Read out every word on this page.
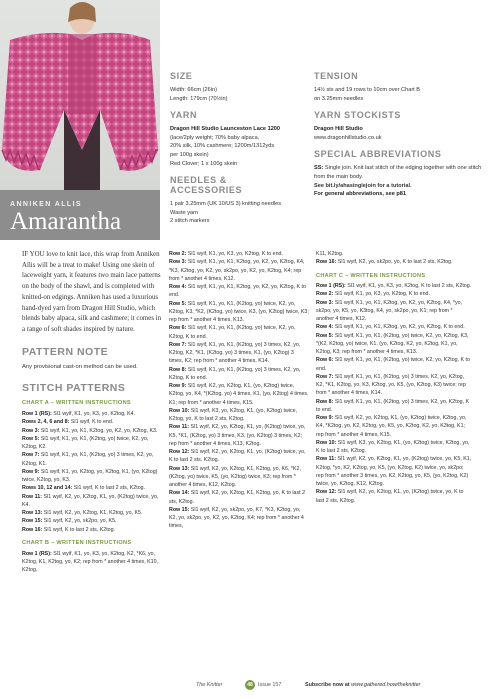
ANNIKEN ALLIS
Amarantha
SIZE
Width: 66cm (26in)
Length: 179cm (70½in)
YARN
Dragon Hill Studio Launceston Lace 1200
(lace/2ply weight; 70% baby alpaca,
20% silk, 10% cashmere; 1200m/1312yds
per 100g skein)
Red Clover; 1 x 100g skein
NEEDLES & ACCESSORIES
1 pair 3.25mm (UK 10/US 3) knitting needles
Waste yarn
2 stitch markers
TENSION
14½ sts and 19 rows to 10cm over Chart B
on 3.25mm needles
YARN STOCKISTS
Dragon Hill Studio
www.dragonhillstudio.co.uk
SPECIAL ABBREVIATIONS
SS: Single join. Knit last stitch of the edging together with one stitch from the main body.
See bit.ly/ahasinglejoin for a tutorial.
For general abbreviations, see p81
IF YOU love to knit lace, this wrap from Anniken Allis will be a treat to make! Using one skein of laceweight yarn, it features two main lace patterns on the body of the shawl, and is completed with knitted-on edgings. Anniken has used a luxurious hand-dyed yarn from Dragon Hill Studio, which blends baby alpaca, silk and cashmere; it comes in a range of soft shades inspired by nature.
PATTERN NOTE
Any provisional cast-on method can be used.
STITCH PATTERNS
CHART A – WRITTEN INSTRUCTIONS
Row 1 (RS): Sl1 wyif, K1, yo, K3, yo, K2tog, K4.
Rows 2, 4, 6 and 8: Sl1 wyif, K to end.
Row 3: Sl1 wyif, K1, yo, K1, K2tog, yo, K2, yo, K2tog, K3.
Row 5: Sl1 wyif, K1, yo, K1, (K2tog, yo) twice, K2, yo, K2tog, K2.
Row 7: Sl1 wyif, K1, yo, K1, (K2tog, yo) 3 times, K2, yo, K2tog, K1.
Row 9: Sl1 wyif, K1, yo, K2tog, yo, K2tog, K1, (yo, K2tog) twice, K2tog, yo, K3.
Rows 10, 12 and 14: Sl1 wyif, K to last 2 sts, K2tog.
Row 11: Sl1 wyif, K2, yo, K2tog, K1, yo, (K2tog) twice, yo, K4.
Row 13: Sl1 wyif, K2, yo, K2tog, K1, K2tog, yo, K5.
Row 15: Sl1 wyif, K2, yo, sk2po, yo, K5.
Row 16: Sl1 wyif, K to last 2 sts, K2tog.
CHART B – WRITTEN INSTRUCTIONS
Row 1 (RS): Sl1 wyif, K1, yo, K3, yo, K2tog, K2, *K6, yo, K2tog, K1, K2tog, yo, K2; rep from * another 4 times, K10, K2tog,
Row 2: Sl1 wyif, K1, yo, K3, yo, K2tog, K to end.
Row 3: Sl1 wyif, K1, yo, K1, K2tog, yo, K2, yo, K2tog, K4, *K3, K2tog, yo, K2, yo, sk2po, yo, K2, yo, K2tog, K4; rep from * another 4 times, K12.
Row 4: Sl1 wyif, K1, yo, K1, K2tog, yo, K2, yo, K2tog, K to end.
Row 5: Sl1 wyif, K1, yo, K1, (K2tog, yo) twice, K2, yo, K2tog, K3, *K2, (K2tog, yo) twice, K3, (yo, K2tog) twice, K3; rep from * another 4 times, K13.
Row 6: Sl1 wyif, K1, yo, K1, (K2tog, yo) twice, K2, yo, K2tog, K to end.
Row 7: Sl1 wyif, K1, yo, K1, (K2tog, yo) 3 times, K2, yo, K2tog, K2, *K1, (K2tog, yo) 3 times, K1, (yo, K2tog) 3 times, K2; rep from * another 4 times, K14.
Row 8: Sl1 wyif, K1, yo, K1, (K2tog, yo) 3 times, K2, yo, K2tog, K to end.
Row 9: Sl1 wyif, K2, yo, K2tog, K1, (yo, K2tog) twice, K2tog, yo, K4, *(K2tog, yo) 4 times, K1, (yo, K2tog) 4 times, K1; rep from * another 4 times, K15.
Row 10: Sl1 wyif, K3, yo, K2tog, K1, (yo, K2tog) twice, K2tog, yo, K to last 2 sts, K2tog.
Row 11: Sl1 wyif, K2, yo, K2tog, K1, yo, (K2tog) twice, yo, K5, *K1, (K2tog, yo) 3 times, K3, (yo, K2tog) 3 times, K2; rep from * another 4 times, K13, K2tog.
Row 12: Sl1 wyif, K2, yo, K2tog, K1, yo, (K2tog) twice, yo, K to last 2 sts, K2tog.
Row 13: Sl1 wyif, K2, yo, K2tog, K1, K2tog, yo, K6, *K2, (K2tog, yo) twice, K5, (yo, K2tog) twice, K3; rep from * another 4 times, K12, K2tog.
Row 14: Sl1 wyif, K2, yo, K2tog, K1, K2tog, yo, K to last 2 sts, K2tog.
Row 15: Sl1 wyif, K2, yo, sk2po, yo, K7, *K3, K2tog, yo, K2, yo, sk2po, yo, K2, yo, K2tog, K4; rep from * another 4 times,
K11, K2tog.
Row 16: Sl1 wyif, K2, yo, sk2po, yo, K to last 2 sts, K2tog.
CHART C – WRITTEN INSTRUCTIONS
Row 1 (RS): Sl1 wyif, K1, yo, K3, yo, K2tog, K to last 2 sts, K2tog.
Row 2: Sl1 wyif, K1, yo, K3, yo, K2tog, K to end.
Row 3: Sl1 wyif, K1, yo, K1, K2tog, yo, K2, yo, K2tog, K4, *yo, sk2po, yo, K5, yo, K3tog, K4, yo, sk2po, yo, K1; rep from * another 4 times, K12.
Row 4: Sl1 wyif, K1, yo, K1, K2tog, yo, K2, yo, K2tog, K to end.
Row 5: Sl1 wyif, K1, yo, K1, (K2tog, yo) twice, K2, yo, K2tog, K3, *(K2, K2tog, yo) twice, K1, (yo, K2tog, K2, yo, K2tog, K1, yo, K2tog, K3; rep from * another 4 times, K13.
Row 6: Sl1 wyif, K1, yo, K1, (K2tog, yo) twice, K2, yo, K2tog, K to end.
Row 7: Sl1 wyif, K1, yo, K1, (K2tog, yo) 3 times, K2, yo, K2tog, K2, *K1, K2tog, yo, K3, K2tog, yo, K5, (yo, K2tog, K3) twice; rep from * another 4 times, K14.
Row 8: Sl1 wyif, K1, yo, K1, (K2tog, yo) 3 times, K2, yo, K2tog, K to end.
Row 9: Sl1 wyif, K2, yo, K2tog, K1, (yo, K2tog) twice, K2tog, yo, K4, *K2tog, yo, K2, K2tog, yo, K5, yo, K2tog, K2, yo, K3tog, K1; rep from * another 4 times, K15.
Row 10: Sl1 wyif, K3, yo, K2tog, K1, (yo, K2tog) twice, K2tog, yo, K to last 2 sts, K2tog.
Row 11: Sl1 wyif, K2, yo, K2tog, K1, yo, (K2tog) twice, yo, K5, K1, K2tog, *yo, K2, K2tog, yo, K5, (yo, K2tog, K2) twice, yo, sk2po; rep from * another 3 times, yo, K2, K2tog, yo, K5, (yo, K2tog, K2) twice, yo, K2tog, K12, K2tog.
Row 12: Sl1 wyif, K2, yo, K2tog, K1, yo, (K2tog) twice, yo, K to last 2 sts, K2tog.
The Knitter	48 Issue 157	Subscribe now at www.gathered.how/theknitter
